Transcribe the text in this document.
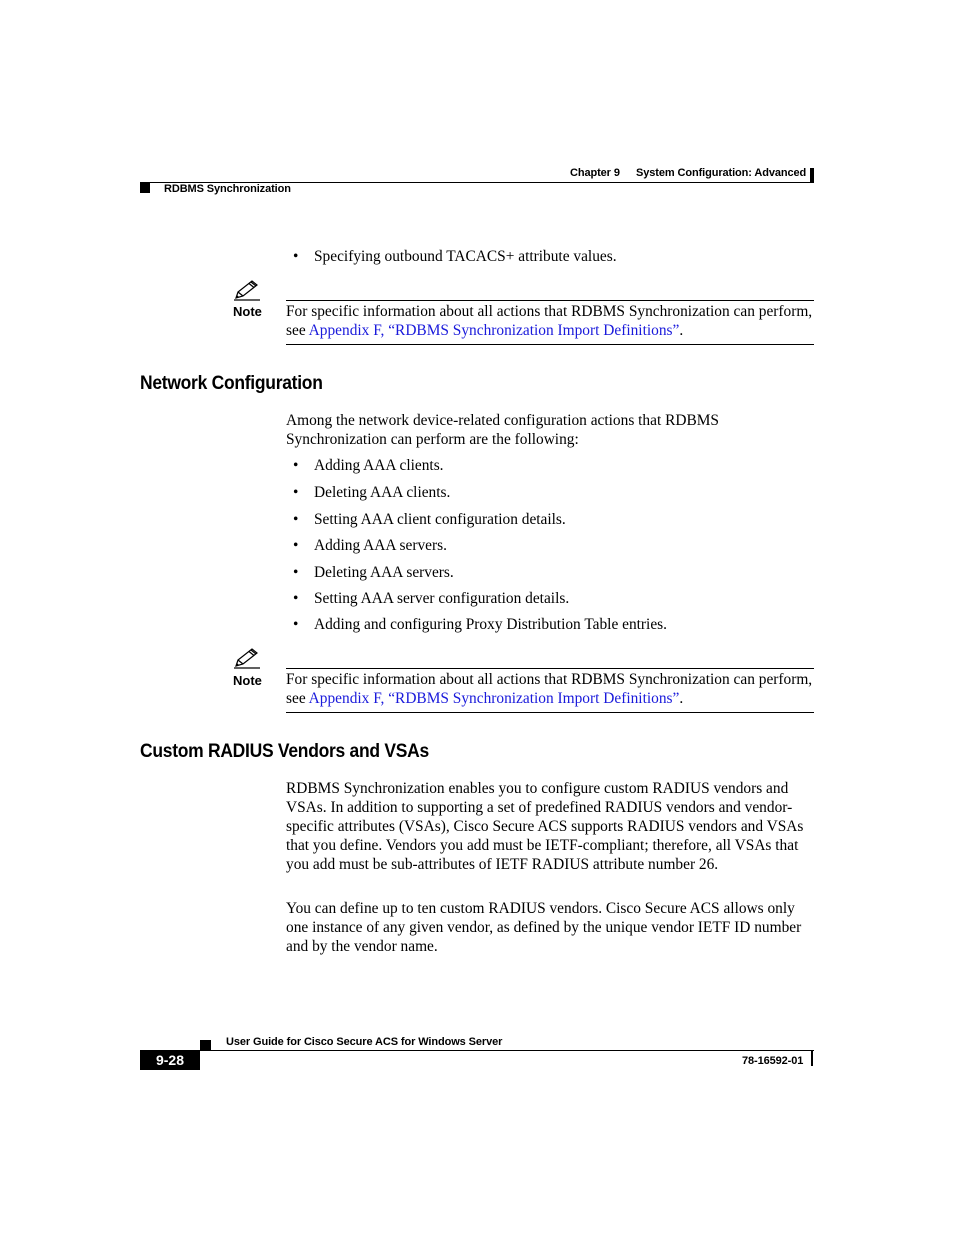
Chapter 9 System Configuration: Advanced
RDBMS Synchronization
• Specifying outbound TACACS+ attribute values.
Note For specific information about all actions that RDBMS Synchronization can perform, see Appendix F, “RDBMS Synchronization Import Definitions”.
Network Configuration
Among the network device-related configuration actions that RDBMS Synchronization can perform are the following:
• Adding AAA clients.
• Deleting AAA clients.
• Setting AAA client configuration details.
• Adding AAA servers.
• Deleting AAA servers.
• Setting AAA server configuration details.
• Adding and configuring Proxy Distribution Table entries.
Note For specific information about all actions that RDBMS Synchronization can perform, see Appendix F, “RDBMS Synchronization Import Definitions”.
Custom RADIUS Vendors and VSAs
RDBMS Synchronization enables you to configure custom RADIUS vendors and VSAs. In addition to supporting a set of predefined RADIUS vendors and vendor-specific attributes (VSAs), Cisco Secure ACS supports RADIUS vendors and VSAs that you define. Vendors you add must be IETF-compliant; therefore, all VSAs that you add must be sub-attributes of IETF RADIUS attribute number 26.
You can define up to ten custom RADIUS vendors. Cisco Secure ACS allows only one instance of any given vendor, as defined by the unique vendor IETF ID number and by the vendor name.
User Guide for Cisco Secure ACS for Windows Server
9-28	78-16592-01
